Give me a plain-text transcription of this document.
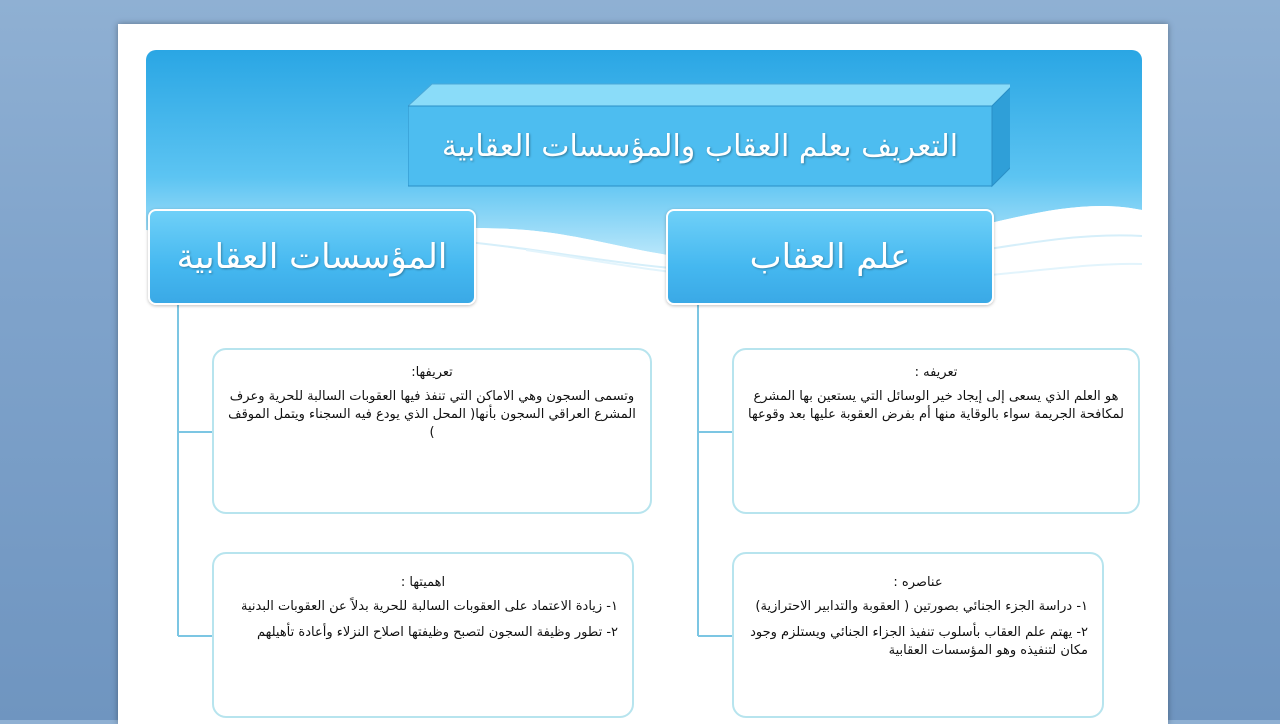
التعريف بعلم العقاب والمؤسسات العقابية
علم العقاب
المؤسسات العقابية
تعريفه :
هو العلم الذي يسعى إلى إيجاد خير الوسائل التي يستعين بها المشرع لمكافحة الجريمة سواء بالوقاية منها أم بفرض العقوبة عليها بعد وقوعها
تعريفها:
وتسمى السجون وهي الاماكن التي تنفذ فيها العقوبات السالبة للحرية وعرف المشرع العراقي السجون بأنها( المحل الذي يودع فيه السجناء ويتمل الموقف )
عناصره :
١- دراسة الجزء الجنائي بصورتين ( العقوبة والتدابير الاحترازية)
٢- يهتم علم العقاب بأسلوب تنفيذ الجزاء الجنائي ويستلزم وجود مكان لتنفيذه وهو المؤسسات العقابية
اهميتها :
١- زيادة الاعتماد على العقوبات السالبة للحرية بدلاً عن العقوبات البدنية
٢- تطور وظيفة السجون لتصبح وظيفتها اصلاح النزلاء وأعادة تأهيلهم
